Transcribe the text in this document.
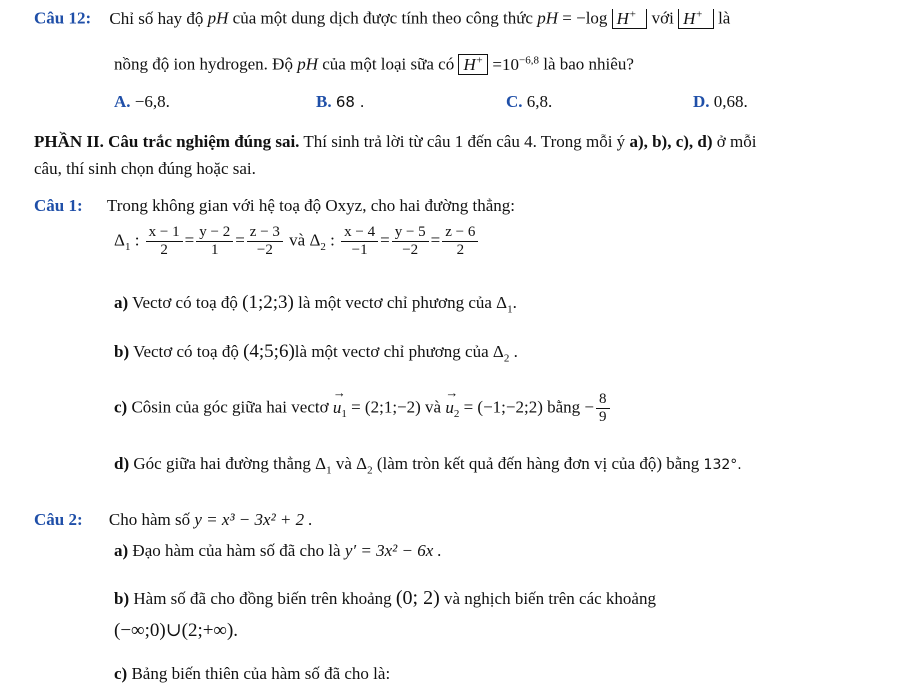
Câu 12: Chỉ số hay độ pH của một dung dịch được tính theo công thức pH = −log H+ với H+ là
nồng độ ion hydrogen. Độ pH của một loại sữa có $H^+ =10^{-6,8}$ là bao nhiêu?
A. −6,8.	B. 68 .	C. 6,8.	D. 0,68.
PHẦN II. Câu trắc nghiệm đúng sai. Thí sinh trả lời từ câu 1 đến câu 4. Trong mỗi ý a), b), c), d) ở mỗi
câu, thí sinh chọn đúng hoặc sai.
Câu 1: Trong không gian với hệ toạ độ Oxyz, cho hai đường thẳng:
$\Delta_1$ : $\frac{x - 1}{2} = \frac{y - 2}{1} = \frac{z - 3}{-2}$ và $\Delta_2$ : $\frac{x - 4}{-1} = \frac{y - 5}{-2} = \frac{z - 6}{2}$
a) Vectơ có toạ độ (1;2;3) là một vectơ chỉ phương của $\Delta_1$.
b) Vectơ có toạ độ (4;5;6)là một vectơ chỉ phương của $\Delta_2$ .
c) Côsin của góc giữa hai vectơ → $u_1$ = (2;1;−2) và → $u_2$ = (−1;−2;2) bằng − $\frac{8}{9}$
d) Góc giữa hai đường thẳng $\Delta_1$ và $\Delta_2$ (làm tròn kết quả đến hàng đơn vị của độ) bằng 132°.
Câu 2: Cho hàm số y = x³ − 3x² + 2 .
a) Đạo hàm của hàm số đã cho là y′ = 3x² − 6x .
b) Hàm số đã cho đồng biến trên khoảng (0; 2) và nghịch biến trên các khoảng
(−∞;0)∪(2;+∞).
c) Bảng biến thiên của hàm số đã cho là:
